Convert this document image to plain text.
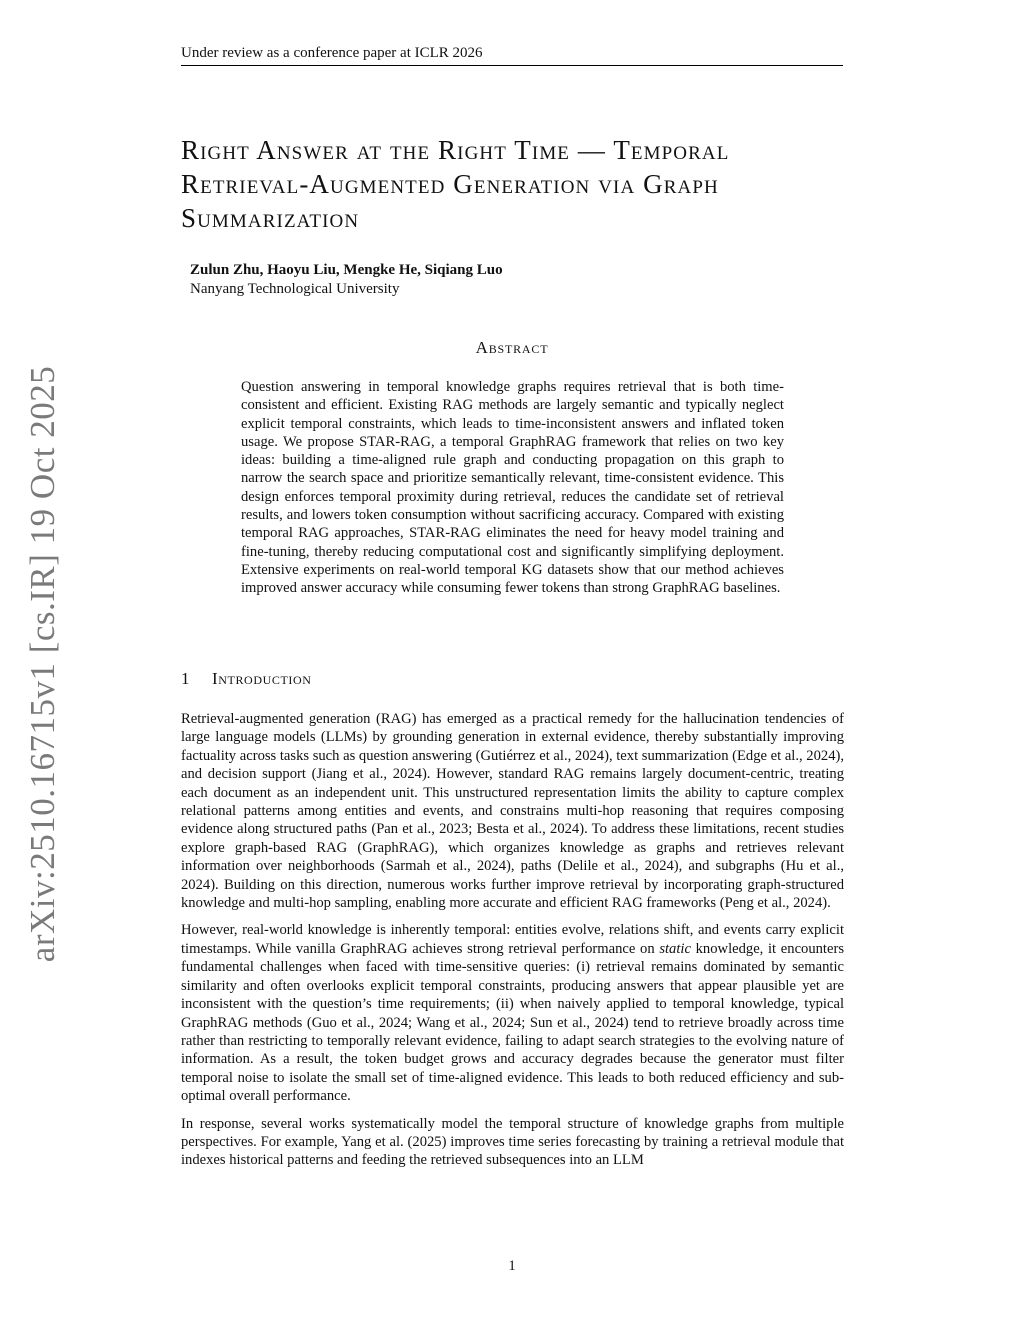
Under review as a conference paper at ICLR 2026
arXiv:2510.16715v1 [cs.IR] 19 Oct 2025
Right Answer at the Right Time — Temporal Retrieval-Augmented Generation via Graph Summarization
Zulun Zhu, Haoyu Liu, Mengke He, Siqiang Luo
Nanyang Technological University
Abstract

Question answering in temporal knowledge graphs requires retrieval that is both time-consistent and efficient. Existing RAG methods are largely semantic and typically neglect explicit temporal constraints, which leads to time-inconsistent answers and inflated token usage. We propose STAR-RAG, a temporal GraphRAG framework that relies on two key ideas: building a time-aligned rule graph and conducting propagation on this graph to narrow the search space and prioritize semantically relevant, time-consistent evidence. This design enforces temporal proximity during retrieval, reduces the candidate set of retrieval results, and lowers token consumption without sacrificing accuracy. Compared with existing temporal RAG approaches, STAR-RAG eliminates the need for heavy model training and fine-tuning, thereby reducing computational cost and significantly simplifying deployment. Extensive experiments on real-world temporal KG datasets show that our method achieves improved answer accuracy while consuming fewer tokens than strong GraphRAG baselines.

1 Introduction

Retrieval-augmented generation (RAG) has emerged as a practical remedy for the hallucination tendencies of large language models (LLMs) by grounding generation in external evidence, thereby substantially improving factuality across tasks such as question answering (Gutiérrez et al., 2024), text summarization (Edge et al., 2024), and decision support (Jiang et al., 2024). However, standard RAG remains largely document-centric, treating each document as an independent unit. This unstructured representation limits the ability to capture complex relational patterns among entities and events, and constrains multi-hop reasoning that requires composing evidence along structured paths (Pan et al., 2023; Besta et al., 2024). To address these limitations, recent studies explore graph-based RAG (GraphRAG), which organizes knowledge as graphs and retrieves relevant information over neighborhoods (Sarmah et al., 2024), paths (Delile et al., 2024), and subgraphs (Hu et al., 2024). Building on this direction, numerous works further improve retrieval by incorporating graph-structured knowledge and multi-hop sampling, enabling more accurate and efficient RAG frameworks (Peng et al., 2024).

However, real-world knowledge is inherently temporal: entities evolve, relations shift, and events carry explicit timestamps. While vanilla GraphRAG achieves strong retrieval performance on static knowledge, it encounters fundamental challenges when faced with time-sensitive queries: (i) retrieval remains dominated by semantic similarity and often overlooks explicit temporal constraints, producing answers that appear plausible yet are inconsistent with the question’s time requirements; (ii) when naively applied to temporal knowledge, typical GraphRAG methods (Guo et al., 2024; Wang et al., 2024; Sun et al., 2024) tend to retrieve broadly across time rather than restricting to temporally relevant evidence, failing to adapt search strategies to the evolving nature of information. As a result, the token budget grows and accuracy degrades because the generator must filter temporal noise to isolate the small set of time-aligned evidence. This leads to both reduced efficiency and sub-optimal overall performance.

In response, several works systematically model the temporal structure of knowledge graphs from multiple perspectives. For example, Yang et al. (2025) improves time series forecasting by training a retrieval module that indexes historical patterns and feeding the retrieved subsequences into an LLM

1
